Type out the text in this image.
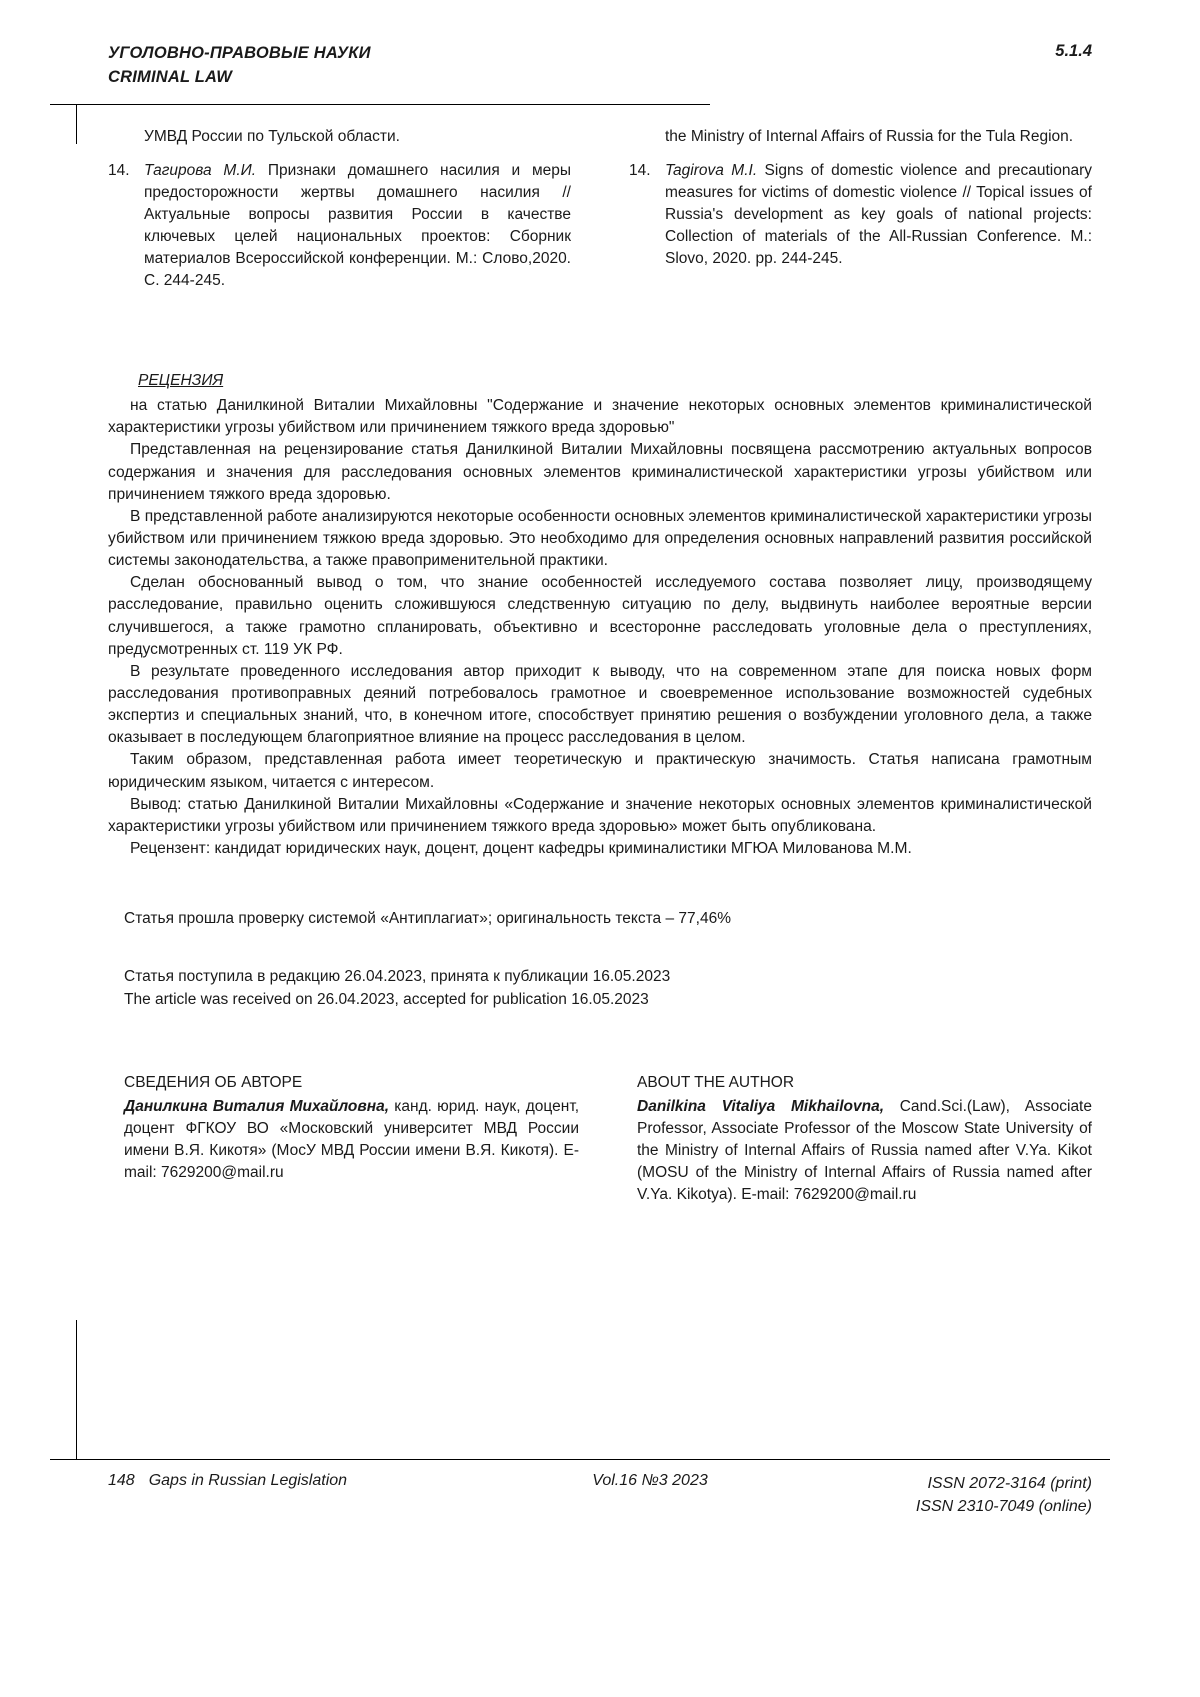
УГОЛОВНО-ПРАВОВЫЕ НАУКИ
CRIMINAL LAW
5.1.4
УМВД России по Тульской области.
14. Тагирова М.И. Признаки домашнего насилия и меры предосторожности жертвы домашнего насилия // Актуальные вопросы развития России в качестве ключевых целей национальных проектов: Сборник материалов Всероссийской конференции. М.: Слово,2020. С. 244-245.
the Ministry of Internal Affairs of Russia for the Tula Region.
14. Tagirova M.I. Signs of domestic violence and precautionary measures for victims of domestic violence // Topical issues of Russia's development as key goals of national projects: Collection of materials of the All-Russian Conference. M.: Slovo, 2020. pp. 244-245.
РЕЦЕНЗИЯ

на статью Данилкиной Виталии Михайловны "Содержание и значение некоторых основных элементов криминалистической характеристики угрозы убийством или причинением тяжкого вреда здоровью"

Представленная на рецензирование статья Данилкиной Виталии Михайловны посвящена рассмотрению актуальных вопросов содержания и значения для расследования основных элементов криминалистической характеристики угрозы убийством или причинением тяжкого вреда здоровью.

В представленной работе анализируются некоторые особенности основных элементов криминалистической характеристики угрозы убийством или причинением тяжкою вреда здоровью. Это необходимо для определения основных направлений развития российской системы законодательства, а также правоприменительной практики.

Сделан обоснованный вывод о том, что знание особенностей исследуемого состава позволяет лицу, производящему расследование, правильно оценить сложившуюся следственную ситуацию по делу, выдвинуть наиболее вероятные версии случившегося, а также грамотно спланировать, объективно и всесторонне расследовать уголовные дела о преступлениях, предусмотренных ст. 119 УК РФ.

В результате проведенного исследования автор приходит к выводу, что на современном этапе для поиска новых форм расследования противоправных деяний потребовалось грамотное и своевременное использование возможностей судебных экспертиз и специальных знаний, что, в конечном итоге, способствует принятию решения о возбуждении уголовного дела, а также оказывает в последующем благоприятное влияние на процесс расследования в целом.

Таким образом, представленная работа имеет теоретическую и практическую значимость. Статья написана грамотным юридическим языком, читается с интересом.

Вывод: статью Данилкиной Виталии Михайловны «Содержание и значение некоторых основных элементов криминалистической характеристики угрозы убийством или причинением тяжкого вреда здоровью» может быть опубликована.

Рецензент: кандидат юридических наук, доцент, доцент кафедры криминалистики МГЮА Милованова М.М.

Статья прошла проверку системой «Антиплагиат»; оригинальность текста – 77,46%
Статья поступила в редакцию 26.04.2023, принята к публикации 16.05.2023
The article was received on 26.04.2023, accepted for publication 16.05.2023
СВЕДЕНИЯ ОБ АВТОРЕ
Данилкина Виталия Михайловна, канд. юрид. наук, доцент, доцент ФГКОУ ВО «Московский университет МВД России имени В.Я. Кикотя» (МосУ МВД России имени В.Я. Кикотя). E-mail: 7629200@mail.ru
ABOUT THE AUTHOR
Danilkina Vitaliya Mikhailovna, Cand.Sci.(Law), Associate Professor, Associate Professor of the Moscow State University of the Ministry of Internal Affairs of Russia named after V.Ya. Kikot (MOSU of the Ministry of Internal Affairs of Russia named after V.Ya. Kikotya). E-mail: 7629200@mail.ru
148 Gaps in Russian Legislation	Vol.16 №3 2023	ISSN 2072-3164 (print)
ISSN 2310-7049 (online)
